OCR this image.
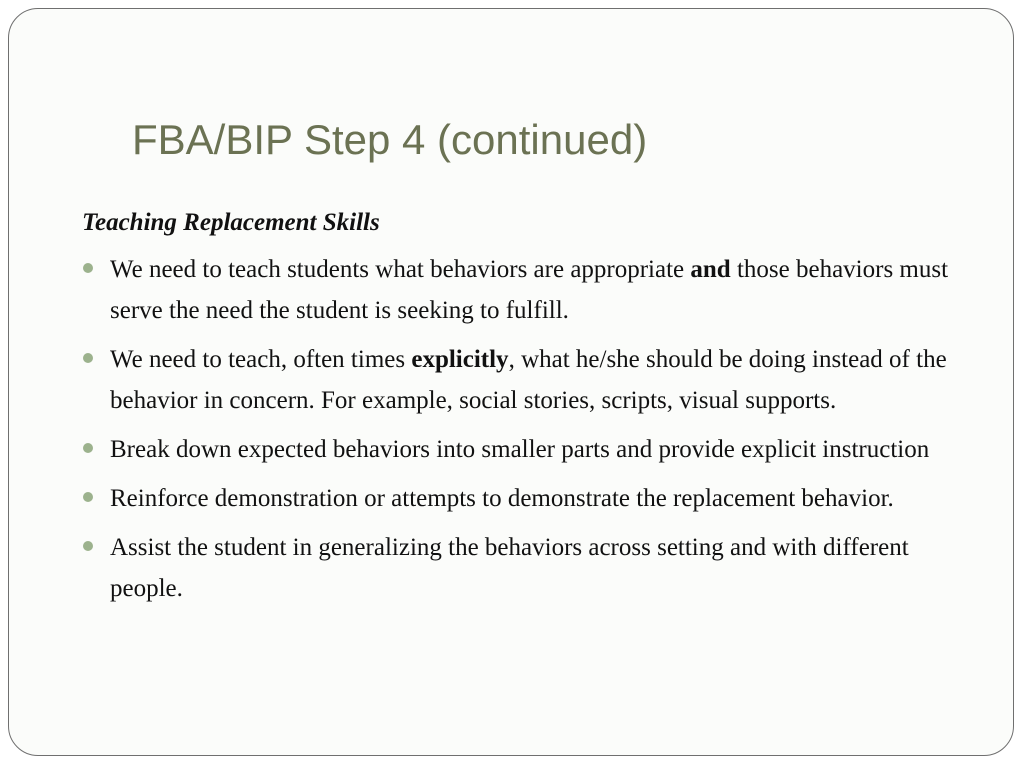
FBA/BIP Step 4 (continued)

Teaching Replacement Skills

We need to teach students what behaviors are appropriate and those behaviors must serve the need the student is seeking to fulfill.
We need to teach, often times explicitly, what he/she should be doing instead of the behavior in concern. For example, social stories, scripts, visual supports.
Break down expected behaviors into smaller parts and provide explicit instruction
Reinforce demonstration or attempts to demonstrate the replacement behavior.
Assist the student in generalizing the behaviors across setting and with different people.
